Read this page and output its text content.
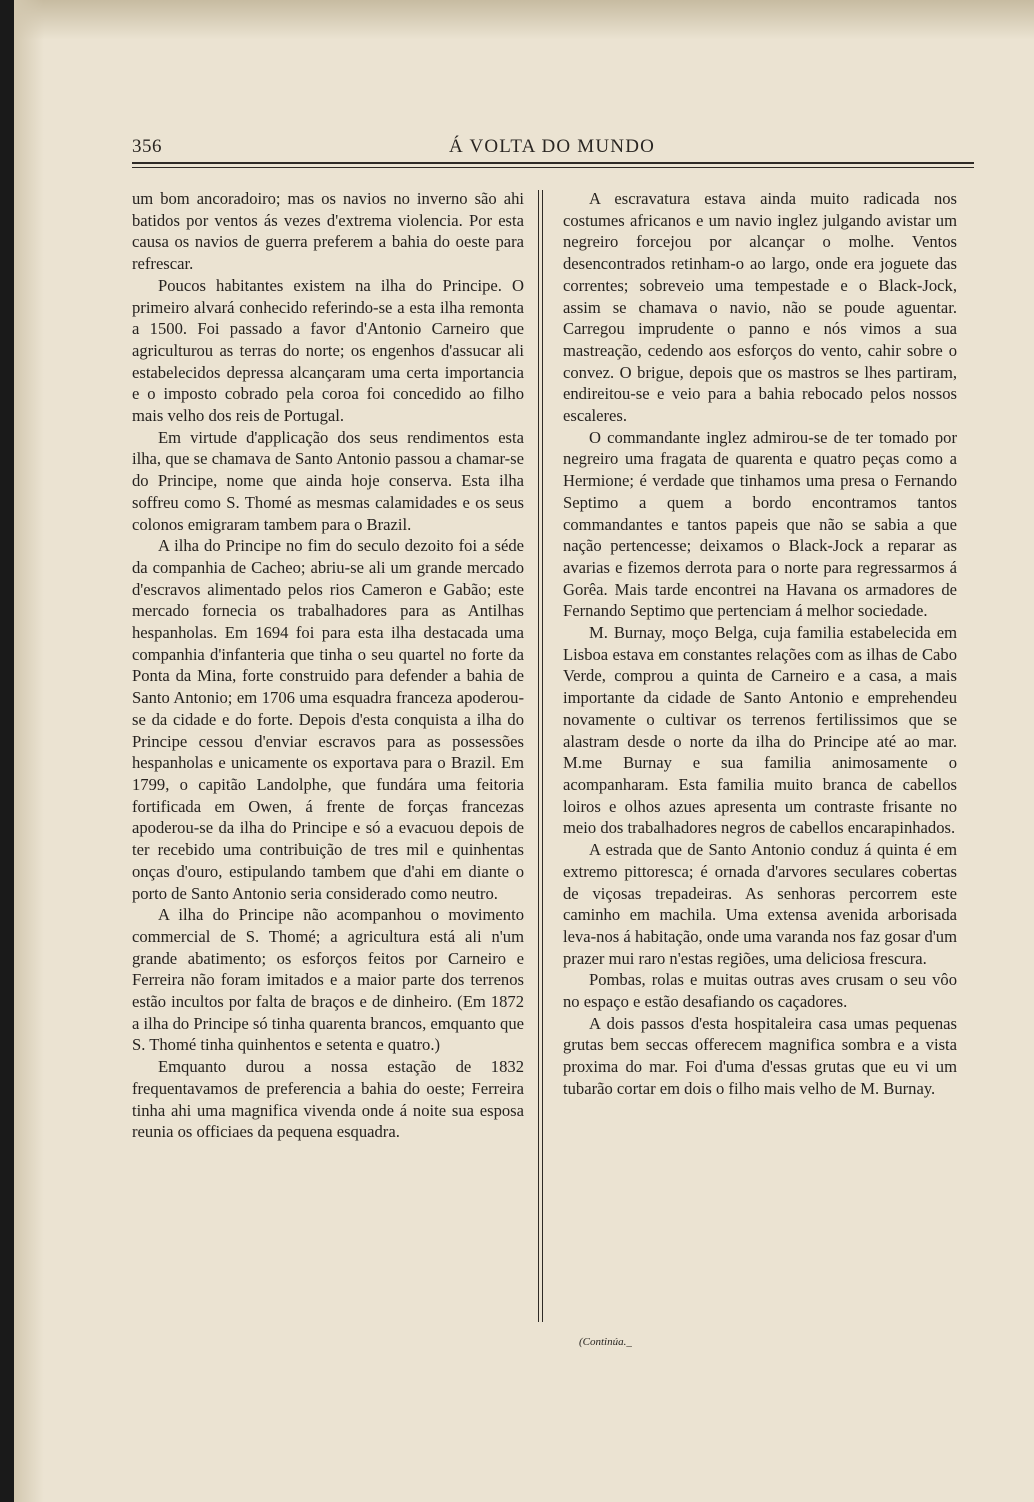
356	Á VOLTA DO MUNDO

um bom ancoradoiro; mas os navios no inverno são ahi batidos por ventos ás vezes d'extrema violencia. Por esta causa os navios de guerra preferem a bahia do oeste para refrescar.

Poucos habitantes existem na ilha do Principe. O primeiro alvará conhecido referindo-se a esta ilha remonta a 1500. Foi passado a favor d'Antonio Carneiro que agriculturou as terras do norte; os engenhos d'assucar ali estabelecidos depressa alcançaram uma certa importancia e o imposto cobrado pela coroa foi concedido ao filho mais velho dos reis de Portugal.

Em virtude d'applicação dos seus rendimentos esta ilha, que se chamava de Santo Antonio passou a chamar-se do Principe, nome que ainda hoje conserva. Esta ilha soffreu como S. Thomé as mesmas calamidades e os seus colonos emigraram tambem para o Brazil.

A ilha do Principe no fim do seculo dezoito foi a séde da companhia de Cacheo; abriu-se ali um grande mercado d'escravos alimentado pelos rios Cameron e Gabão; este mercado fornecia os trabalhadores para as Antilhas hespanholas. Em 1694 foi para esta ilha destacada uma companhia d'infanteria que tinha o seu quartel no forte da Ponta da Mina, forte construido para defender a bahia de Santo Antonio; em 1706 uma esquadra franceza apoderou-se da cidade e do forte. Depois d'esta conquista a ilha do Principe cessou d'enviar escravos para as possessões hespanholas e unicamente os exportava para o Brazil. Em 1799, o capitão Landolphe, que fundára uma feitoria fortificada em Owen, á frente de forças francezas apoderou-se da ilha do Principe e só a evacuou depois de ter recebido uma contribuição de tres mil e quinhentas onças d'ouro, estipulando tambem que d'ahi em diante o porto de Santo Antonio seria considerado como neutro.

A ilha do Principe não acompanhou o movimento commercial de S. Thomé; a agricultura está ali n'um grande abatimento; os esforços feitos por Carneiro e Ferreira não foram imitados e a maior parte dos terrenos estão incultos por falta de braços e de dinheiro. (Em 1872 a ilha do Principe só tinha quarenta brancos, emquanto que S. Thomé tinha quinhentos e setenta e quatro.)

Emquanto durou a nossa estação de 1832 frequentavamos de preferencia a bahia do oeste; Ferreira tinha ahi uma magnifica vivenda onde á noite sua esposa reunia os officiaes da pequena esquadra.

A escravatura estava ainda muito radicada nos costumes africanos e um navio inglez julgando avistar um negreiro forcejou por alcançar o molhe. Ventos desencontrados retinham-o ao largo, onde era joguete das correntes; sobreveio uma tempestade e o Black-Jock, assim se chamava o navio, não se poude aguentar. Carregou imprudente o panno e nós vimos a sua mastreação, cedendo aos esforços do vento, cahir sobre o convez. O brigue, depois que os mastros se lhes partiram, endireitou-se e veio para a bahia rebocado pelos nossos escaleres.

O commandante inglez admirou-se de ter tomado por negreiro uma fragata de quarenta e quatro peças como a Hermione; é verdade que tinhamos uma presa o Fernando Septimo a quem a bordo encontramos tantos commandantes e tantos papeis que não se sabia a que nação pertencesse; deixamos o Black-Jock a reparar as avarias e fizemos derrota para o norte para regressarmos á Gorêa. Mais tarde encontrei na Havana os armadores de Fernando Septimo que pertenciam á melhor sociedade.

M. Burnay, moço Belga, cuja familia estabelecida em Lisboa estava em constantes relações com as ilhas de Cabo Verde, comprou a quinta de Carneiro e a casa, a mais importante da cidade de Santo Antonio e emprehendeu novamente o cultivar os terrenos fertilissimos que se alastram desde o norte da ilha do Principe até ao mar. M.me Burnay e sua familia animosamente o acompanharam. Esta familia muito branca de cabellos loiros e olhos azues apresenta um contraste frisante no meio dos trabalhadores negros de cabellos encarapinhados.

A estrada que de Santo Antonio conduz á quinta é em extremo pittoresca; é ornada d'arvores seculares cobertas de viçosas trepadeiras. As senhoras percorrem este caminho em machila. Uma extensa avenida arborisada leva-nos á habitação, onde uma varanda nos faz gosar d'um prazer mui raro n'estas regiões, uma deliciosa frescura.

Pombas, rolas e muitas outras aves crusam o seu vôo no espaço e estão desafiando os caçadores.

A dois passos d'esta hospitaleira casa umas pequenas grutas bem seccas offerecem magnifica sombra e a vista proxima do mar. Foi d'uma d'essas grutas que eu vi um tubarão cortar em dois o filho mais velho de M. Burnay.

(Continúa._
